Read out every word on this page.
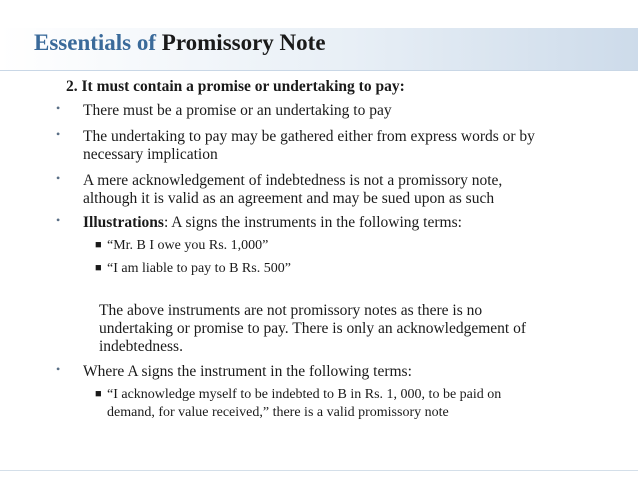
Essentials of Promissory Note
2. It must contain a promise or undertaking to pay:
• There must be a promise or an undertaking to pay
• The undertaking to pay may be gathered either from express words or by
necessary implication
• A mere acknowledgement of indebtedness is not a promissory note,
although it is valid as an agreement and may be sued upon as such
• Illustrations: A signs the instruments in the following terms:
■ “Mr. B I owe you Rs. 1,000”
■ “I am liable to pay to B Rs. 500”
The above instruments are not promissory notes as there is no
undertaking or promise to pay. There is only an acknowledgement of
indebtedness.
• Where A signs the instrument in the following terms:
■ “I acknowledge myself to be indebted to B in Rs. 1, 000, to be paid on
demand, for value received,” there is a valid promissory note
